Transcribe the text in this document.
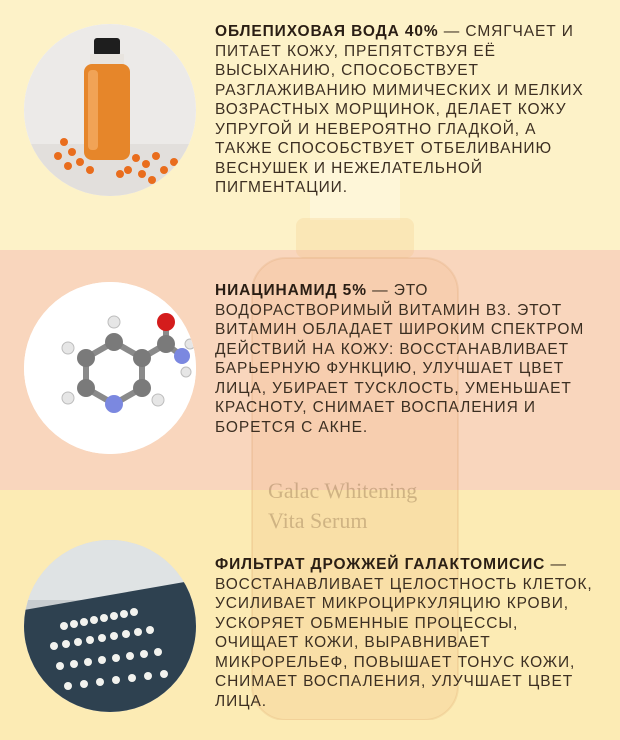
Galac Whitening
Vita Serum
ОБЛЕПИХОВАЯ ВОДА 40% — СМЯГЧАЕТ И ПИТАЕТ КОЖУ, ПРЕПЯТСТВУЯ ЕЁ ВЫСЫХАНИЮ, СПОСОБСТВУЕТ РАЗГЛАЖИВАНИЮ МИМИЧЕСКИХ И МЕЛКИХ ВОЗРАСТНЫХ МОРЩИНОК, ДЕЛАЕТ КОЖУ УПРУГОЙ И НЕВЕРОЯТНО ГЛАДКОЙ, А ТАКЖЕ СПОСОБСТВУЕТ ОТБЕЛИВАНИЮ ВЕСНУШЕК И НЕЖЕЛАТЕЛЬНОЙ ПИГМЕНТАЦИИ.
НИАЦИНАМИД 5% — ЭТО ВОДОРАСТВОРИМЫЙ ВИТАМИН B3. ЭТОТ ВИТАМИН ОБЛАДАЕТ ШИРОКИМ СПЕКТРОМ ДЕЙСТВИЙ НА КОЖУ: ВОССТАНАВЛИВАЕТ БАРЬЕРНУЮ ФУНКЦИЮ, УЛУЧШАЕТ ЦВЕТ ЛИЦА, УБИРАЕТ ТУСКЛОСТЬ, УМЕНЬШАЕТ КРАСНОТУ, СНИМАЕТ ВОСПАЛЕНИЯ И БОРЕТСЯ С АКНЕ.
ФИЛЬТРАТ ДРОЖЖЕЙ ГАЛАКТОМИСИС — ВОССТАНАВЛИВАЕТ ЦЕЛОСТНОСТЬ КЛЕТОК, УСИЛИВАЕТ МИКРОЦИРКУЛЯЦИЮ КРОВИ, УСКОРЯЕТ ОБМЕННЫЕ ПРОЦЕССЫ, ОЧИЩАЕТ КОЖИ, ВЫРАВНИВАЕТ МИКРОРЕЛЬЕФ, ПОВЫШАЕТ ТОНУС КОЖИ, СНИМАЕТ ВОСПАЛЕНИЯ, УЛУЧШАЕТ ЦВЕТ ЛИЦА.
